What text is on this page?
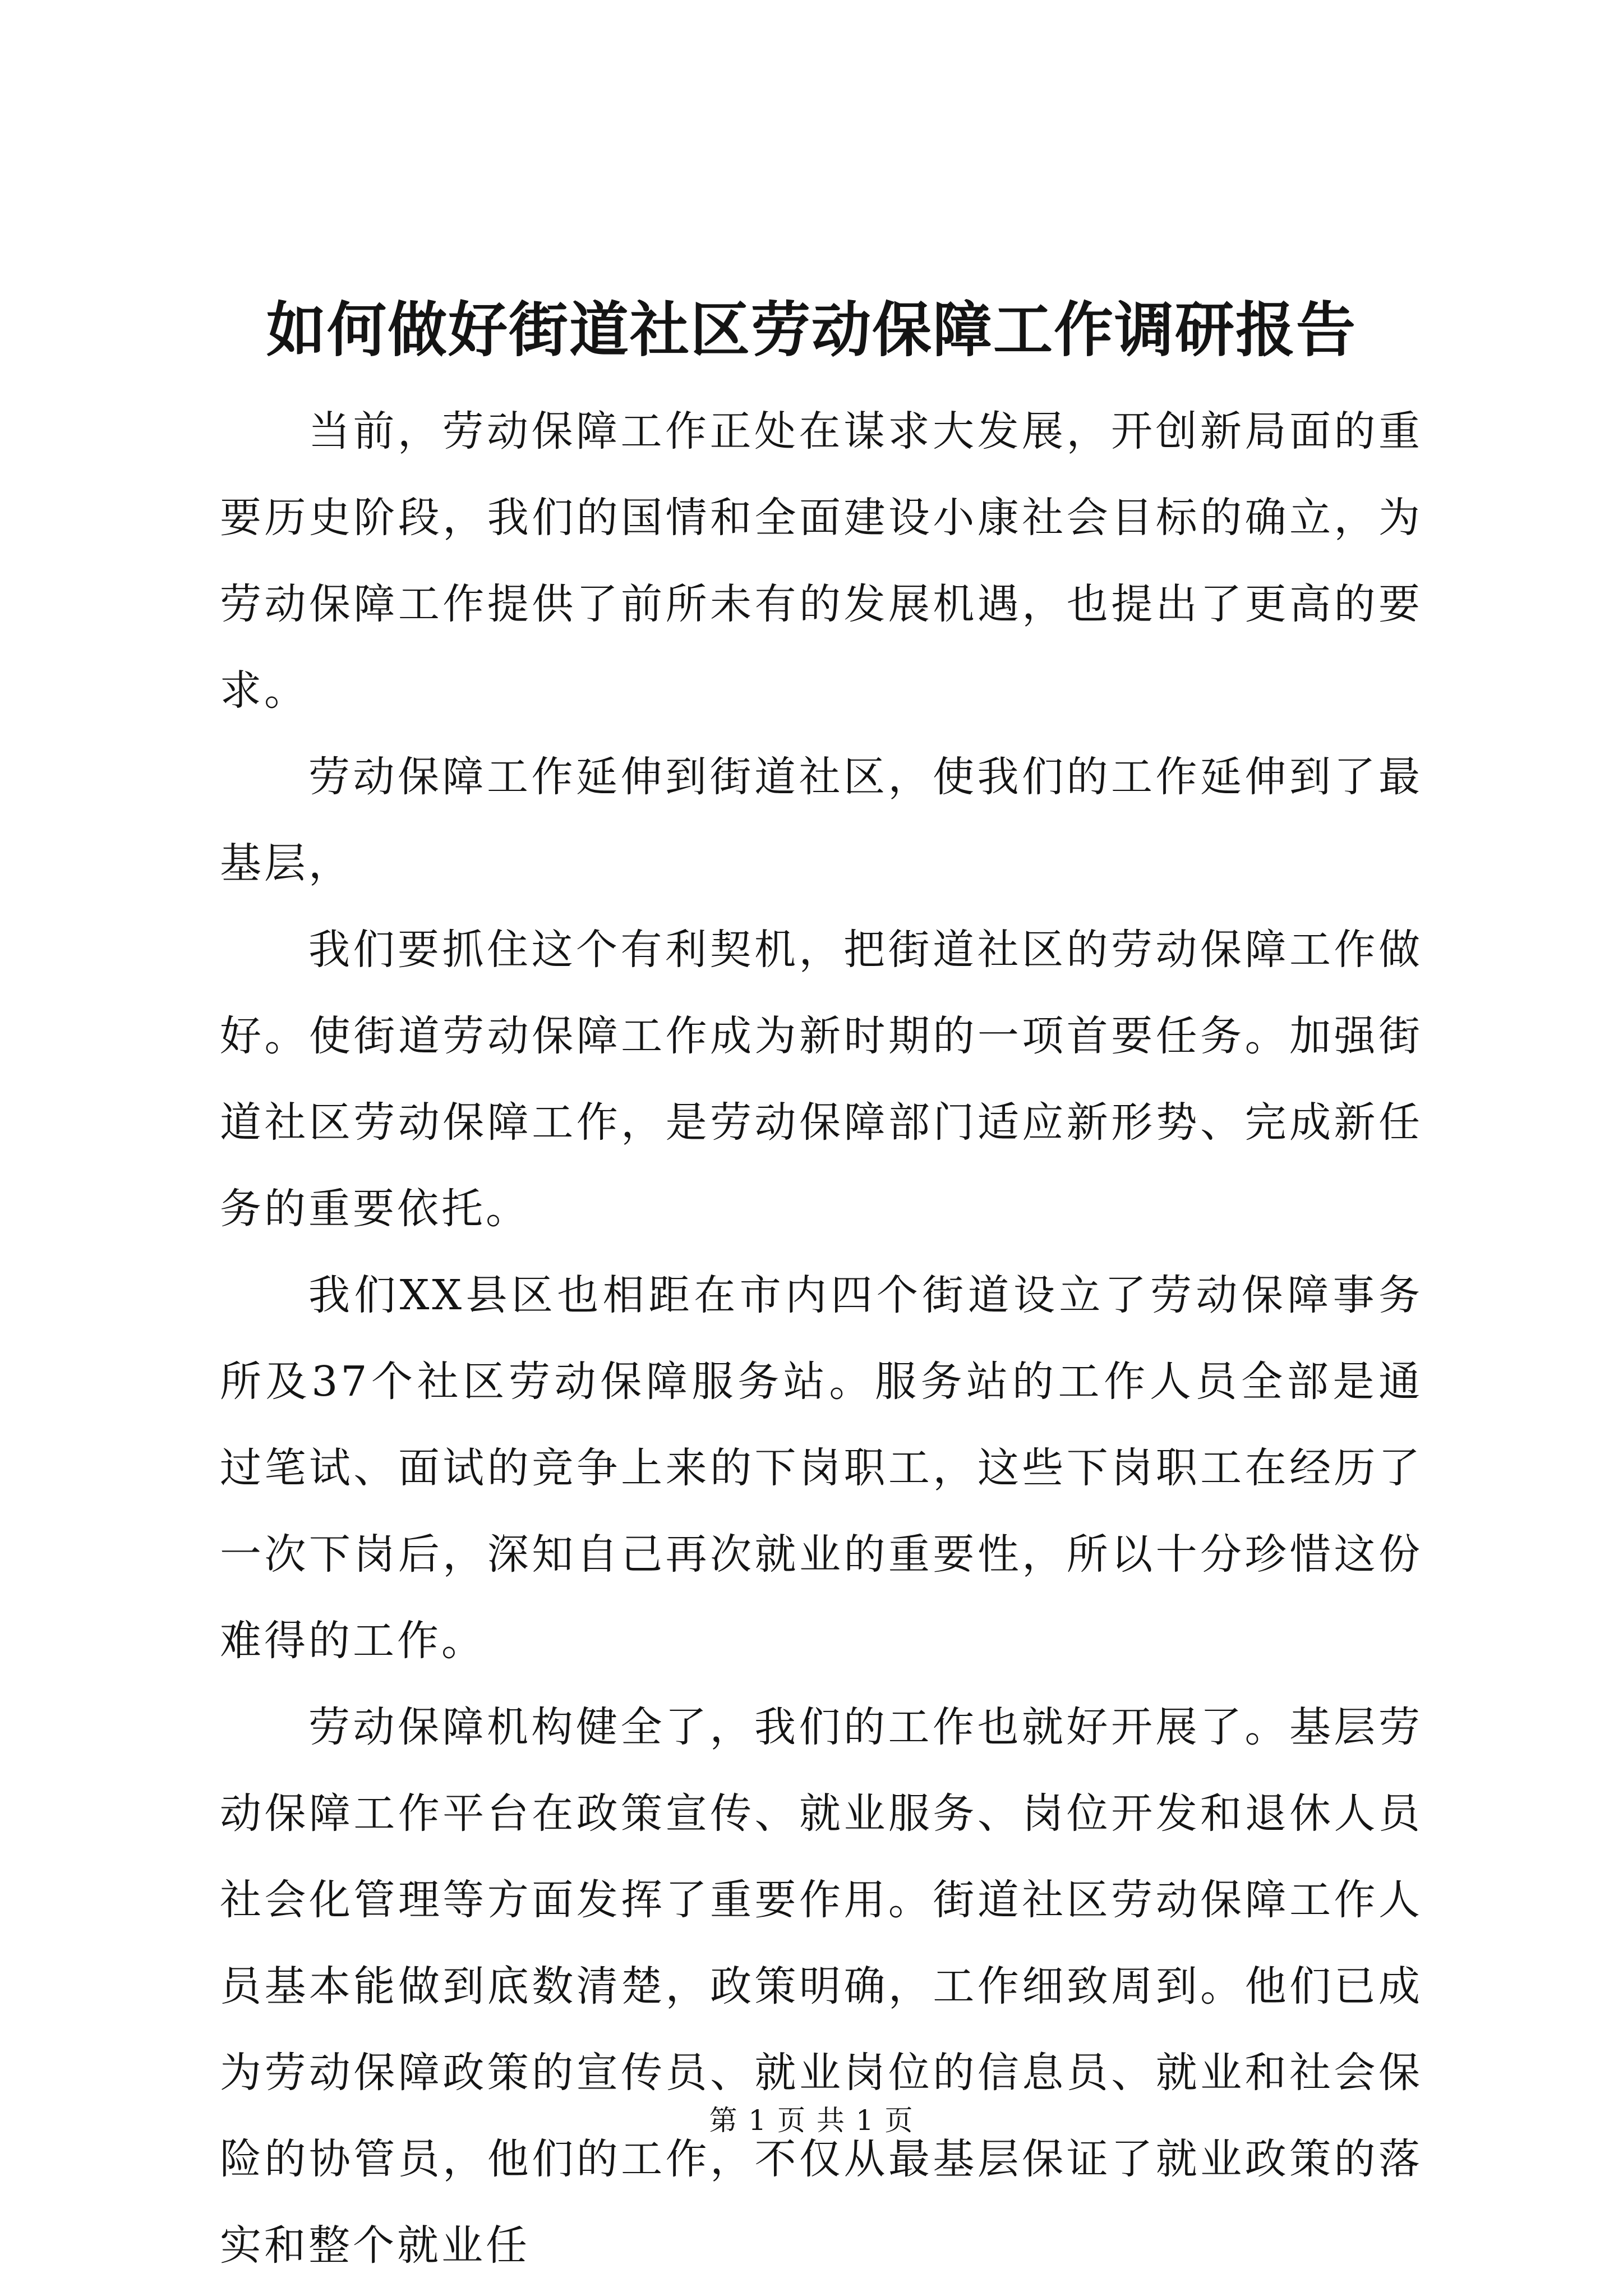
如何做好街道社区劳动保障工作调研报告

当前，劳动保障工作正处在谋求大发展，开创新局面的重要历史阶段，我们的国情和全面建设小康社会目标的确立，为劳动保障工作提供了前所未有的发展机遇，也提出了更高的要求。

劳动保障工作延伸到街道社区，使我们的工作延伸到了最基层，

我们要抓住这个有利契机，把街道社区的劳动保障工作做好。使街道劳动保障工作成为新时期的一项首要任务。加强街道社区劳动保障工作，是劳动保障部门适应新形势、完成新任务的重要依托。

我们XX县区也相距在市内四个街道设立了劳动保障事务所及37个社区劳动保障服务站。服务站的工作人员全部是通过笔试、面试的竞争上来的下岗职工，这些下岗职工在经历了一次下岗后，深知自己再次就业的重要性，所以十分珍惜这份难得的工作。

劳动保障机构健全了，我们的工作也就好开展了。基层劳动保障工作平台在政策宣传、就业服务、岗位开发和退休人员社会化管理等方面发挥了重要作用。街道社区劳动保障工作人员基本能做到底数清楚，政策明确，工作细致周到。他们已成为劳动保障政策的宣传员、就业岗位的信息员、就业和社会保险的协管员，他们的工作，不仅从最基层保证了就业政策的落实和整个就业任

第 1 页 共 1 页
